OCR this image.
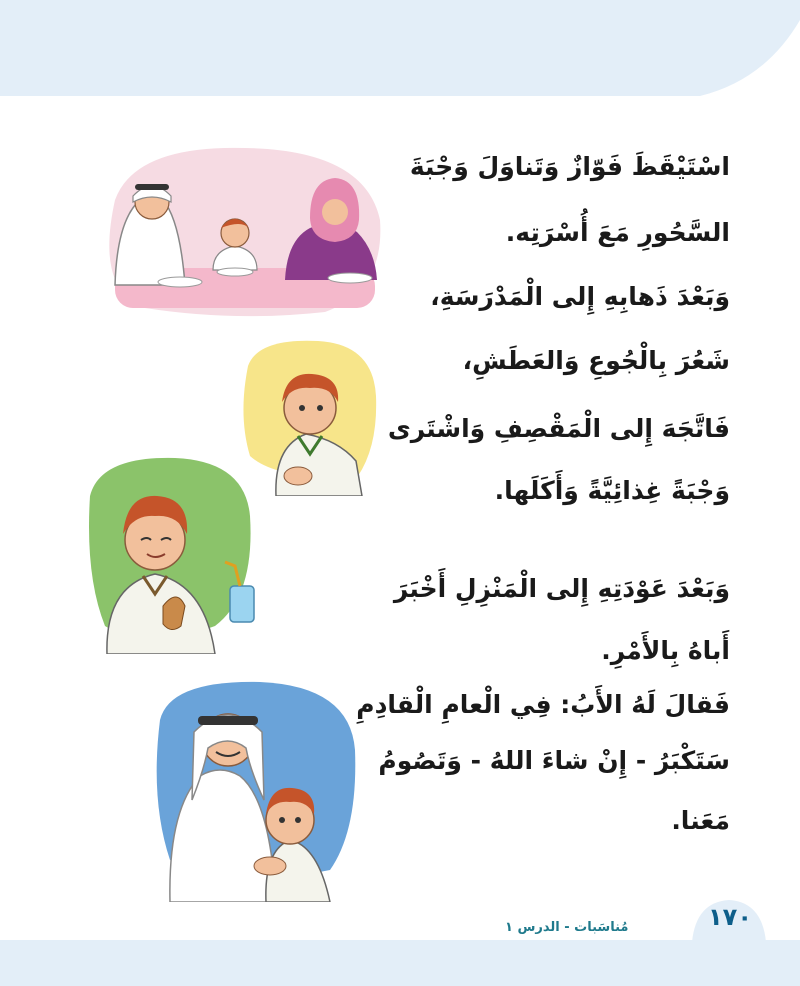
اسْتَيْقَظَ فَوّازٌ وَتَناوَلَ وَجْبَةَ
السَّحُورِ مَعَ أُسْرَتِه.
وَبَعْدَ ذَهابِهِ إِلى الْمَدْرَسَةِ،
شَعُرَ بِالْجُوعِ وَالعَطَشِ،
فَاتَّجَهَ إِلى الْمَقْصِفِ وَاشْتَرى
وَجْبَةً غِذائِيَّةً وَأَكَلَها.
وَبَعْدَ عَوْدَتِهِ إِلى الْمَنْزِلِ أَخْبَرَ
أَباهُ بِالأَمْرِ.
فَقالَ لَهُ الأَبُ: فِي الْعامِ الْقادِمِ
سَتَكْبَرُ - إِنْ شاءَ اللهُ - وَتَصُومُ
مَعَنا.
مُناسَبات - الدرس ١	١٧٠
